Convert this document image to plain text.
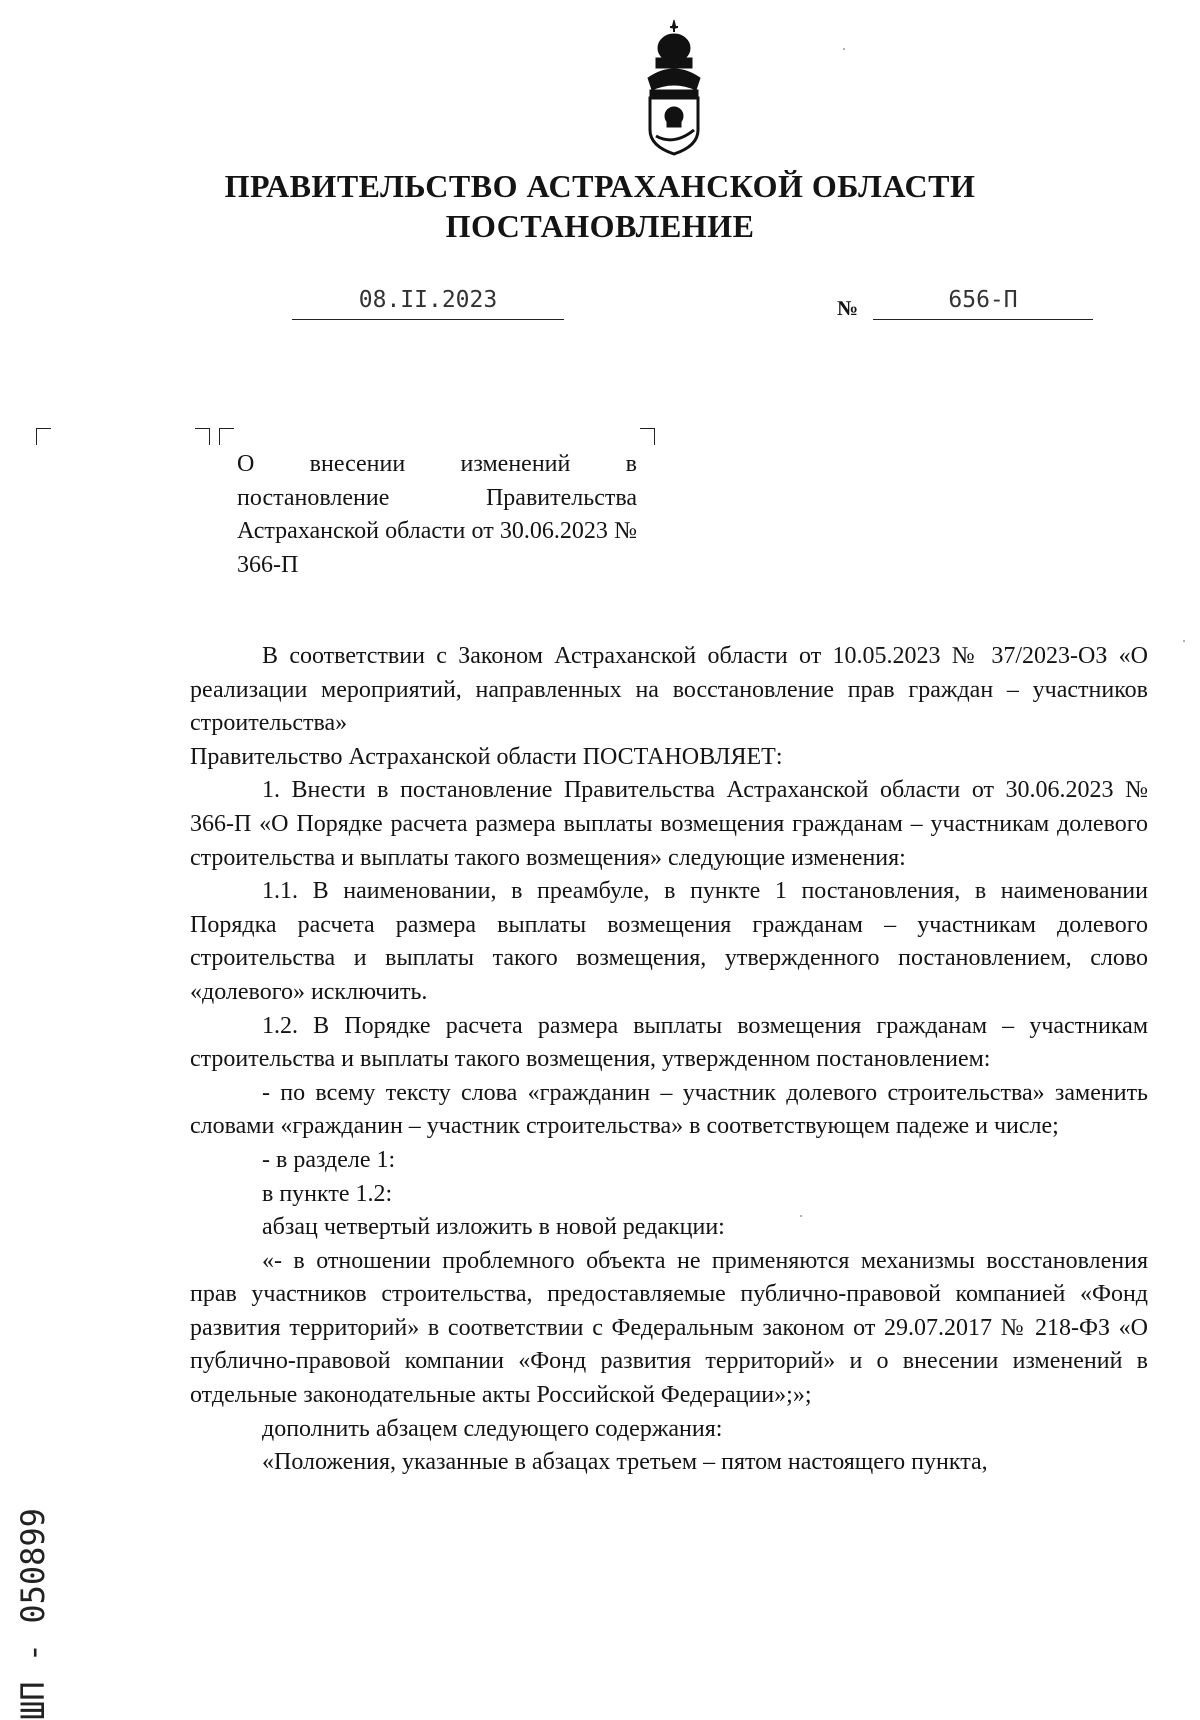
ПРАВИТЕЛЬСТВО АСТРАХАНСКОЙ ОБЛАСТИ
ПОСТАНОВЛЕНИЕ
08.II.2023	№	656-П
О внесении изменений в постановление Правительства Астраханской области от 30.06.2023 № 366-П

В соответствии с Законом Астраханской области от 10.05.2023 № 37/2023-ОЗ «О реализации мероприятий, направленных на восстановление прав граждан – участников строительства»

Правительство Астраханской области ПОСТАНОВЛЯЕТ:

1. Внести в постановление Правительства Астраханской области от 30.06.2023 № 366-П «О Порядке расчета размера выплаты возмещения гражданам – участникам долевого строительства и выплаты такого возмещения» следующие изменения:

1.1. В наименовании, в преамбуле, в пункте 1 постановления, в наименовании Порядка расчета размера выплаты возмещения гражданам – участникам долевого строительства и выплаты такого возмещения, утвержденного постановлением, слово «долевого» исключить.

1.2. В Порядке расчета размера выплаты возмещения гражданам – участникам строительства и выплаты такого возмещения, утвержденном постановлением:

- по всему тексту слова «гражданин – участник долевого строительства» заменить словами «гражданин – участник строительства» в соответствующем падеже и числе;

- в разделе 1:

в пункте 1.2:

абзац четвертый изложить в новой редакции:

«- в отношении проблемного объекта не применяются механизмы восстановления прав участников строительства, предоставляемые публично-правовой компанией «Фонд развития территорий» в соответствии с Федеральным законом от 29.07.2017 № 218-ФЗ «О публично-правовой компании «Фонд развития территорий» и о внесении изменений в отдельные законодательные акты Российской Федерации»;»;

дополнить абзацем следующего содержания:

«Положения, указанные в абзацах третьем – пятом настоящего пункта,

ШП - 050899
